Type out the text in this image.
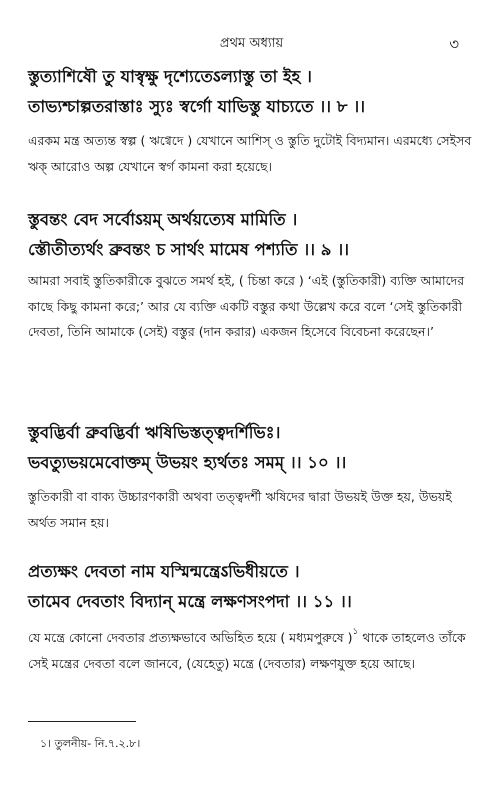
প্রথম অধ্যায়	৩
স্তুত্যাশিষৌ তু যাস্বৃক্ষু দৃশ্যেতেऽল্যাস্তু তা ইহ ।
তাভ্যশ্চাল্পতরাস্তাঃ স্যুঃ স্বর্গো যাভিস্তু যাচ্যতে ।। ৮ ।।
এরকম মন্ত্র অত্যন্ত স্বল্প ( ঋগ্বেদে ) যেখানে আশিস্ ও স্তুতি দুটোই বিদ্যমান। এরমধ্যে সেইসব ঋক্ আরোও অল্প যেখানে স্বর্গ কামনা করা হয়েছে।
স্তুবন্তং বেদ সর্বোऽয়ম্ অর্থয়ত্যেষ মামিতি ।
স্তৌতীত্যর্থং ব্রুবন্তং চ সার্থং মামেষ পশ্যতি ।। ৯ ।।
আমরা সবাই স্তুতিকারীকে বুঝতে সমর্থ হই, ( চিন্তা করে ) ‘এই (স্তুতিকারী) ব্যক্তি আমাদের কাছে কিছু কামনা করে;’ আর যে ব্যক্তি একটি বস্তুর কথা উল্লেখ করে বলে ‘সেই স্তুতিকারী দেবতা, তিনি আমাকে (সেই) বস্তুর (দান করার) একজন হিসেবে বিবেচনা করেছেন।’
স্তুবদ্ভির্বা ব্রুবদ্ভির্বা ঋষিভিস্তত্ত্বদর্শিভিঃ।
ভবত্যুভয়মেবোক্তম্ উভয়ং হ্যর্থতঃ সমম্ ।। ১০ ।।
স্তুতিকারী বা বাক্য উচ্চারণকারী অথবা তত্ত্বদর্শী ঋষিদের দ্বারা উভয়ই উক্ত হয়, উভয়ই অর্থত সমান হয়।
প্রত্যক্ষং দেবতা নাম যস্মিন্মন্ত্রেऽভিধীয়তে ।
তামেব দেবতাং বিদ্যান্ মন্ত্রে লক্ষণসংপদা ।। ১১ ।।
যে মন্ত্রে কোনো দেবতার প্রত্যক্ষভাবে অভিহিত হয়ে ( মধ্যমপুরুষে )$^১$ থাকে তাহলেও তাঁকে সেই মন্ত্রের দেবতা বলে জানবে, (যেহেতু) মন্ত্রে (দেবতার) লক্ষণযুক্ত হয়ে আছে।
১। তুলনীয়- নি.৭.২.৮।
